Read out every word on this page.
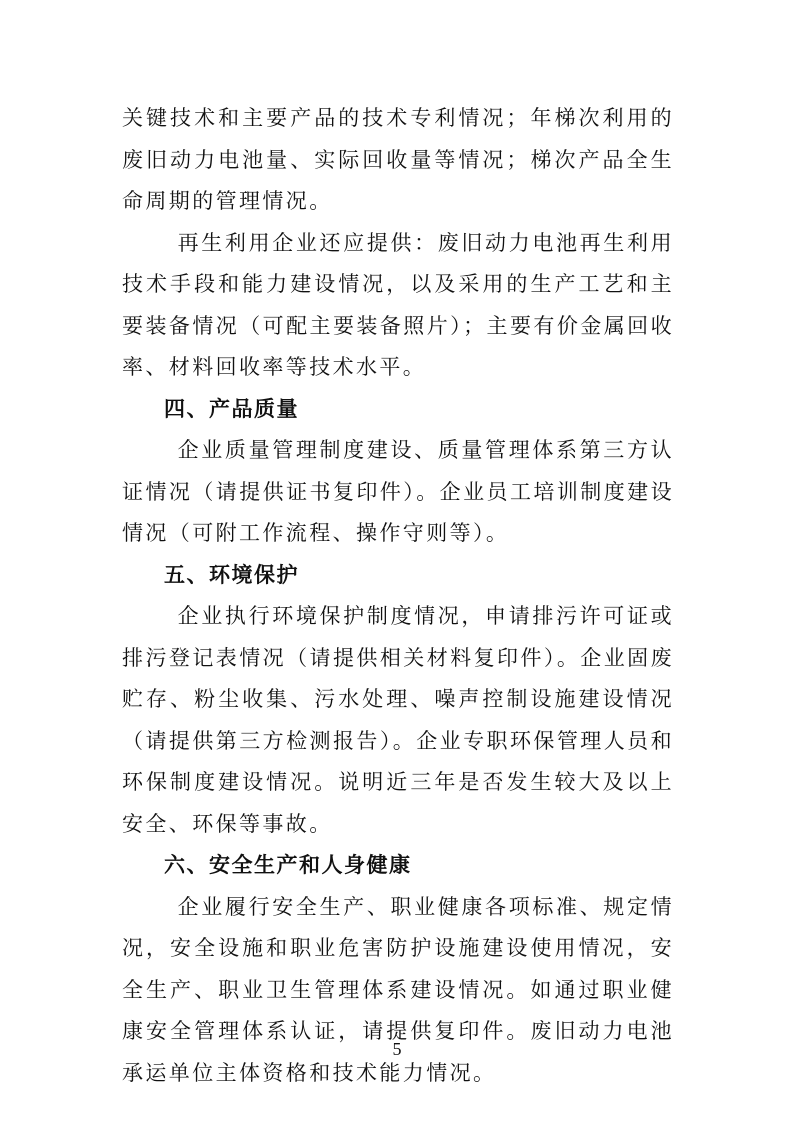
关键技术和主要产品的技术专利情况；年梯次利用的废旧动力电池量、实际回收量等情况；梯次产品全生命周期的管理情况。

再生利用企业还应提供：废旧动力电池再生利用技术手段和能力建设情况，以及采用的生产工艺和主要装备情况（可配主要装备照片）；主要有价金属回收率、材料回收率等技术水平。

四、产品质量

企业质量管理制度建设、质量管理体系第三方认证情况（请提供证书复印件）。企业员工培训制度建设情况（可附工作流程、操作守则等）。

五、环境保护

企业执行环境保护制度情况，申请排污许可证或排污登记表情况（请提供相关材料复印件）。企业固废贮存、粉尘收集、污水处理、噪声控制设施建设情况（请提供第三方检测报告）。企业专职环保管理人员和环保制度建设情况。说明近三年是否发生较大及以上安全、环保等事故。

六、安全生产和人身健康

企业履行安全生产、职业健康各项标准、规定情况，安全设施和职业危害防护设施建设使用情况，安全生产、职业卫生管理体系建设情况。如通过职业健康安全管理体系认证，请提供复印件。废旧动力电池承运单位主体资格和技术能力情况。

5
